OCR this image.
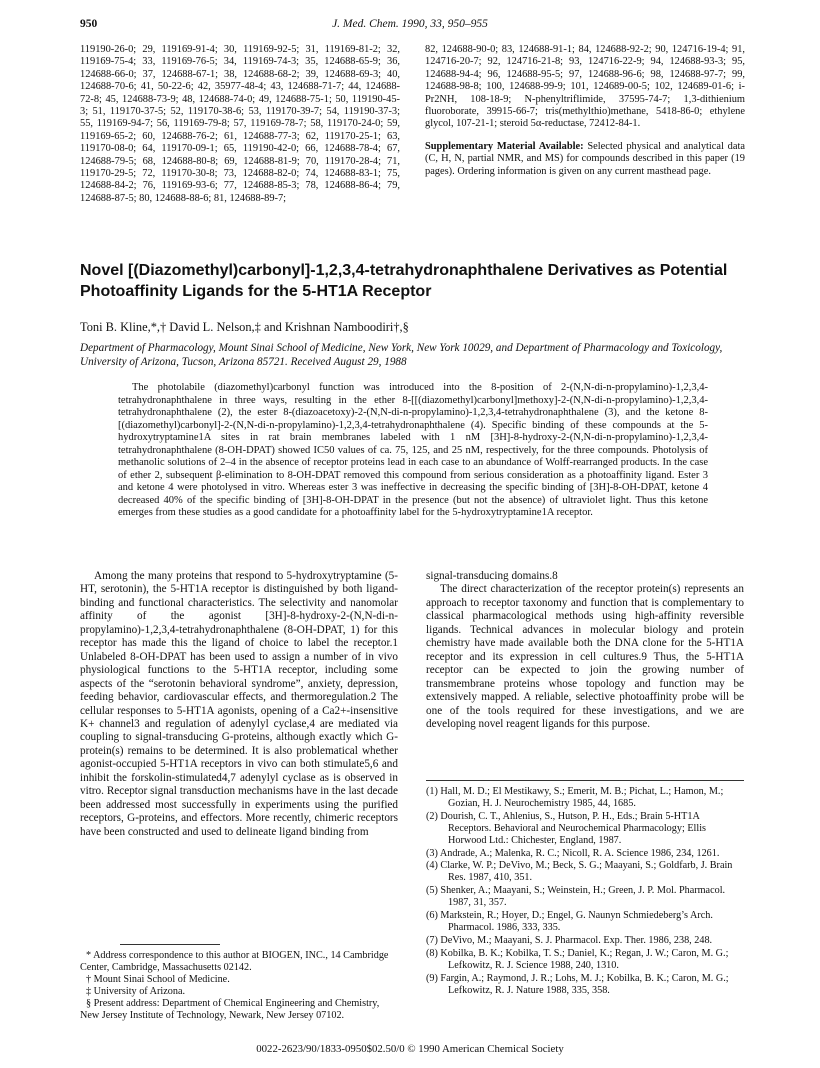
950	J. Med. Chem. 1990, 33, 950–955
119190-26-0; 29, 119169-91-4; 30, 119169-92-5; 31, 119169-81-2; 32, 119169-75-4; 33, 119169-76-5; 34, 119169-74-3; 35, 124688-65-9; 36, 124688-66-0; 37, 124688-67-1; 38, 124688-68-2; 39, 124688-69-3; 40, 124688-70-6; 41, 50-22-6; 42, 35977-48-4; 43, 124688-71-7; 44, 124688-72-8; 45, 124688-73-9; 48, 124688-74-0; 49, 124688-75-1; 50, 119190-45-3; 51, 119170-37-5; 52, 119170-38-6; 53, 119170-39-7; 54, 119190-37-3; 55, 119169-94-7; 56, 119169-79-8; 57, 119169-78-7; 58, 119170-24-0; 59, 119169-65-2; 60, 124688-76-2; 61, 124688-77-3; 62, 119170-25-1; 63, 119170-08-0; 64, 119170-09-1; 65, 119190-42-0; 66, 124688-78-4; 67, 124688-79-5; 68, 124688-80-8; 69, 124688-81-9; 70, 119170-28-4; 71, 119170-29-5; 72, 119170-30-8; 73, 124688-82-0; 74, 124688-83-1; 75, 124688-84-2; 76, 119169-93-6; 77, 124688-85-3; 78, 124688-86-4; 79, 124688-87-5; 80, 124688-88-6; 81, 124688-89-7;
82, 124688-90-0; 83, 124688-91-1; 84, 124688-92-2; 90, 124716-19-4; 91, 124716-20-7; 92, 124716-21-8; 93, 124716-22-9; 94, 124688-93-3; 95, 124688-94-4; 96, 124688-95-5; 97, 124688-96-6; 98, 124688-97-7; 99, 124688-98-8; 100, 124688-99-9; 101, 124689-00-5; 102, 124689-01-6; i-Pr2NH, 108-18-9; N-phenyltriflimide, 37595-74-7; 1,3-dithienium fluoroborate, 39915-66-7; tris(methylthio)methane, 5418-86-0; ethylene glycol, 107-21-1; steroid 5α-reductase, 72412-84-1.
Supplementary Material Available: Selected physical and analytical data (C, H, N, partial NMR, and MS) for compounds described in this paper (19 pages). Ordering information is given on any current masthead page.
Novel [(Diazomethyl)carbonyl]-1,2,3,4-tetrahydronaphthalene Derivatives as Potential Photoaffinity Ligands for the 5-HT1A Receptor
Toni B. Kline,*,† David L. Nelson,‡ and Krishnan Namboodiri†,§
Department of Pharmacology, Mount Sinai School of Medicine, New York, New York 10029, and Department of Pharmacology and Toxicology, University of Arizona, Tucson, Arizona 85721. Received August 29, 1988
The photolabile (diazomethyl)carbonyl function was introduced into the 8-position of 2-(N,N-di-n-propylamino)-1,2,3,4-tetrahydronaphthalene in three ways, resulting in the ether 8-[[(diazomethyl)carbonyl]methoxy]-2-(N,N-di-n-propylamino)-1,2,3,4-tetrahydronaphthalene (2), the ester 8-(diazoacetoxy)-2-(N,N-di-n-propylamino)-1,2,3,4-tetrahydronaphthalene (3), and the ketone 8-[(diazomethyl)carbonyl]-2-(N,N-di-n-propylamino)-1,2,3,4-tetrahydronaphthalene (4). Specific binding of these compounds at the 5-hydroxytryptamine1A sites in rat brain membranes labeled with 1 nM [3H]-8-hydroxy-2-(N,N-di-n-propylamino)-1,2,3,4-tetrahydronaphthalene (8-OH-DPAT) showed IC50 values of ca. 75, 125, and 25 nM, respectively, for the three compounds. Photolysis of methanolic solutions of 2–4 in the absence of receptor proteins lead in each case to an abundance of Wolff-rearranged products. In the case of ether 2, subsequent β-elimination to 8-OH-DPAT removed this compound from serious consideration as a photoaffinity ligand. Ester 3 and ketone 4 were photolysed in vitro. Whereas ester 3 was ineffective in decreasing the specific binding of [3H]-8-OH-DPAT, ketone 4 decreased 40% of the specific binding of [3H]-8-OH-DPAT in the presence (but not the absence) of ultraviolet light. Thus this ketone emerges from these studies as a good candidate for a photoaffinity label for the 5-hydroxytryptamine1A receptor.
Among the many proteins that respond to 5-hydroxytryptamine (5-HT, serotonin), the 5-HT1A receptor is distinguished by both ligand-binding and functional characteristics. The selectivity and nanomolar affinity of the agonist [3H]-8-hydroxy-2-(N,N-di-n-propylamino)-1,2,3,4-tetrahydronaphthalene (8-OH-DPAT, 1) for this receptor has made this the ligand of choice to label the receptor.1 Unlabeled 8-OH-DPAT has been used to assign a number of in vivo physiological functions to the 5-HT1A receptor, including some aspects of the “serotonin behavioral syndrome”, anxiety, depression, feeding behavior, cardiovascular effects, and thermoregulation.2 The cellular responses to 5-HT1A agonists, opening of a Ca2+-insensitive K+ channel3 and regulation of adenylyl cyclase,4 are mediated via coupling to signal-transducing G-proteins, although exactly which G-protein(s) remains to be determined. It is also problematical whether agonist-occupied 5-HT1A receptors in vivo can both stimulate5,6 and inhibit the forskolin-stimulated4,7 adenylyl cyclase as is observed in vitro. Receptor signal transduction mechanisms have in the last decade been addressed most successfully in experiments using the purified receptors, G-proteins, and effectors. More recently, chimeric receptors have been constructed and used to delineate ligand binding from

* Address correspondence to this author at BIOGEN, INC., 14 Cambridge Center, Cambridge, Massachusetts 02142.

† Mount Sinai School of Medicine.

‡ University of Arizona.

§ Present address: Department of Chemical Engineering and Chemistry, New Jersey Institute of Technology, Newark, New Jersey 07102.

signal-transducing domains.8

The direct characterization of the receptor protein(s) represents an approach to receptor taxonomy and function that is complementary to classical pharmacological methods using high-affinity reversible ligands. Technical advances in molecular biology and protein chemistry have made available both the DNA clone for the 5-HT1A receptor and its expression in cell cultures.9 Thus, the 5-HT1A receptor can be expected to join the growing number of transmembrane proteins whose topology and function may be extensively mapped. A reliable, selective photoaffinity probe will be one of the tools required for these investigations, and we are developing novel reagent ligands for this purpose.

(1) Hall, M. D.; El Mestikawy, S.; Emerit, M. B.; Pichat, L.; Hamon, M.; Gozian, H. J. Neurochemistry 1985, 44, 1685.

(2) Dourish, C. T., Ahlenius, S., Hutson, P. H., Eds.; Brain 5-HT1A Receptors. Behavioral and Neurochemical Pharmacology; Ellis Horwood Ltd.: Chichester, England, 1987.

(3) Andrade, A.; Malenka, R. C.; Nicoll, R. A. Science 1986, 234, 1261.

(4) Clarke, W. P.; DeVivo, M.; Beck, S. G.; Maayani, S.; Goldfarb, J. Brain Res. 1987, 410, 351.

(5) Shenker, A.; Maayani, S.; Weinstein, H.; Green, J. P. Mol. Pharmacol. 1987, 31, 357.

(6) Markstein, R.; Hoyer, D.; Engel, G. Naunyn Schmiedeberg’s Arch. Pharmacol. 1986, 333, 335.

(7) DeVivo, M.; Maayani, S. J. Pharmacol. Exp. Ther. 1986, 238, 248.

(8) Kobilka, B. K.; Kobilka, T. S.; Daniel, K.; Regan, J. W.; Caron, M. G.; Lefkowitz, R. J. Science 1988, 240, 1310.

(9) Fargin, A.; Raymond, J. R.; Lohs, M. J.; Kobilka, B. K.; Caron, M. G.; Lefkowitz, R. J. Nature 1988, 335, 358.

0022-2623/90/1833-0950$02.50/0 © 1990 American Chemical Society
